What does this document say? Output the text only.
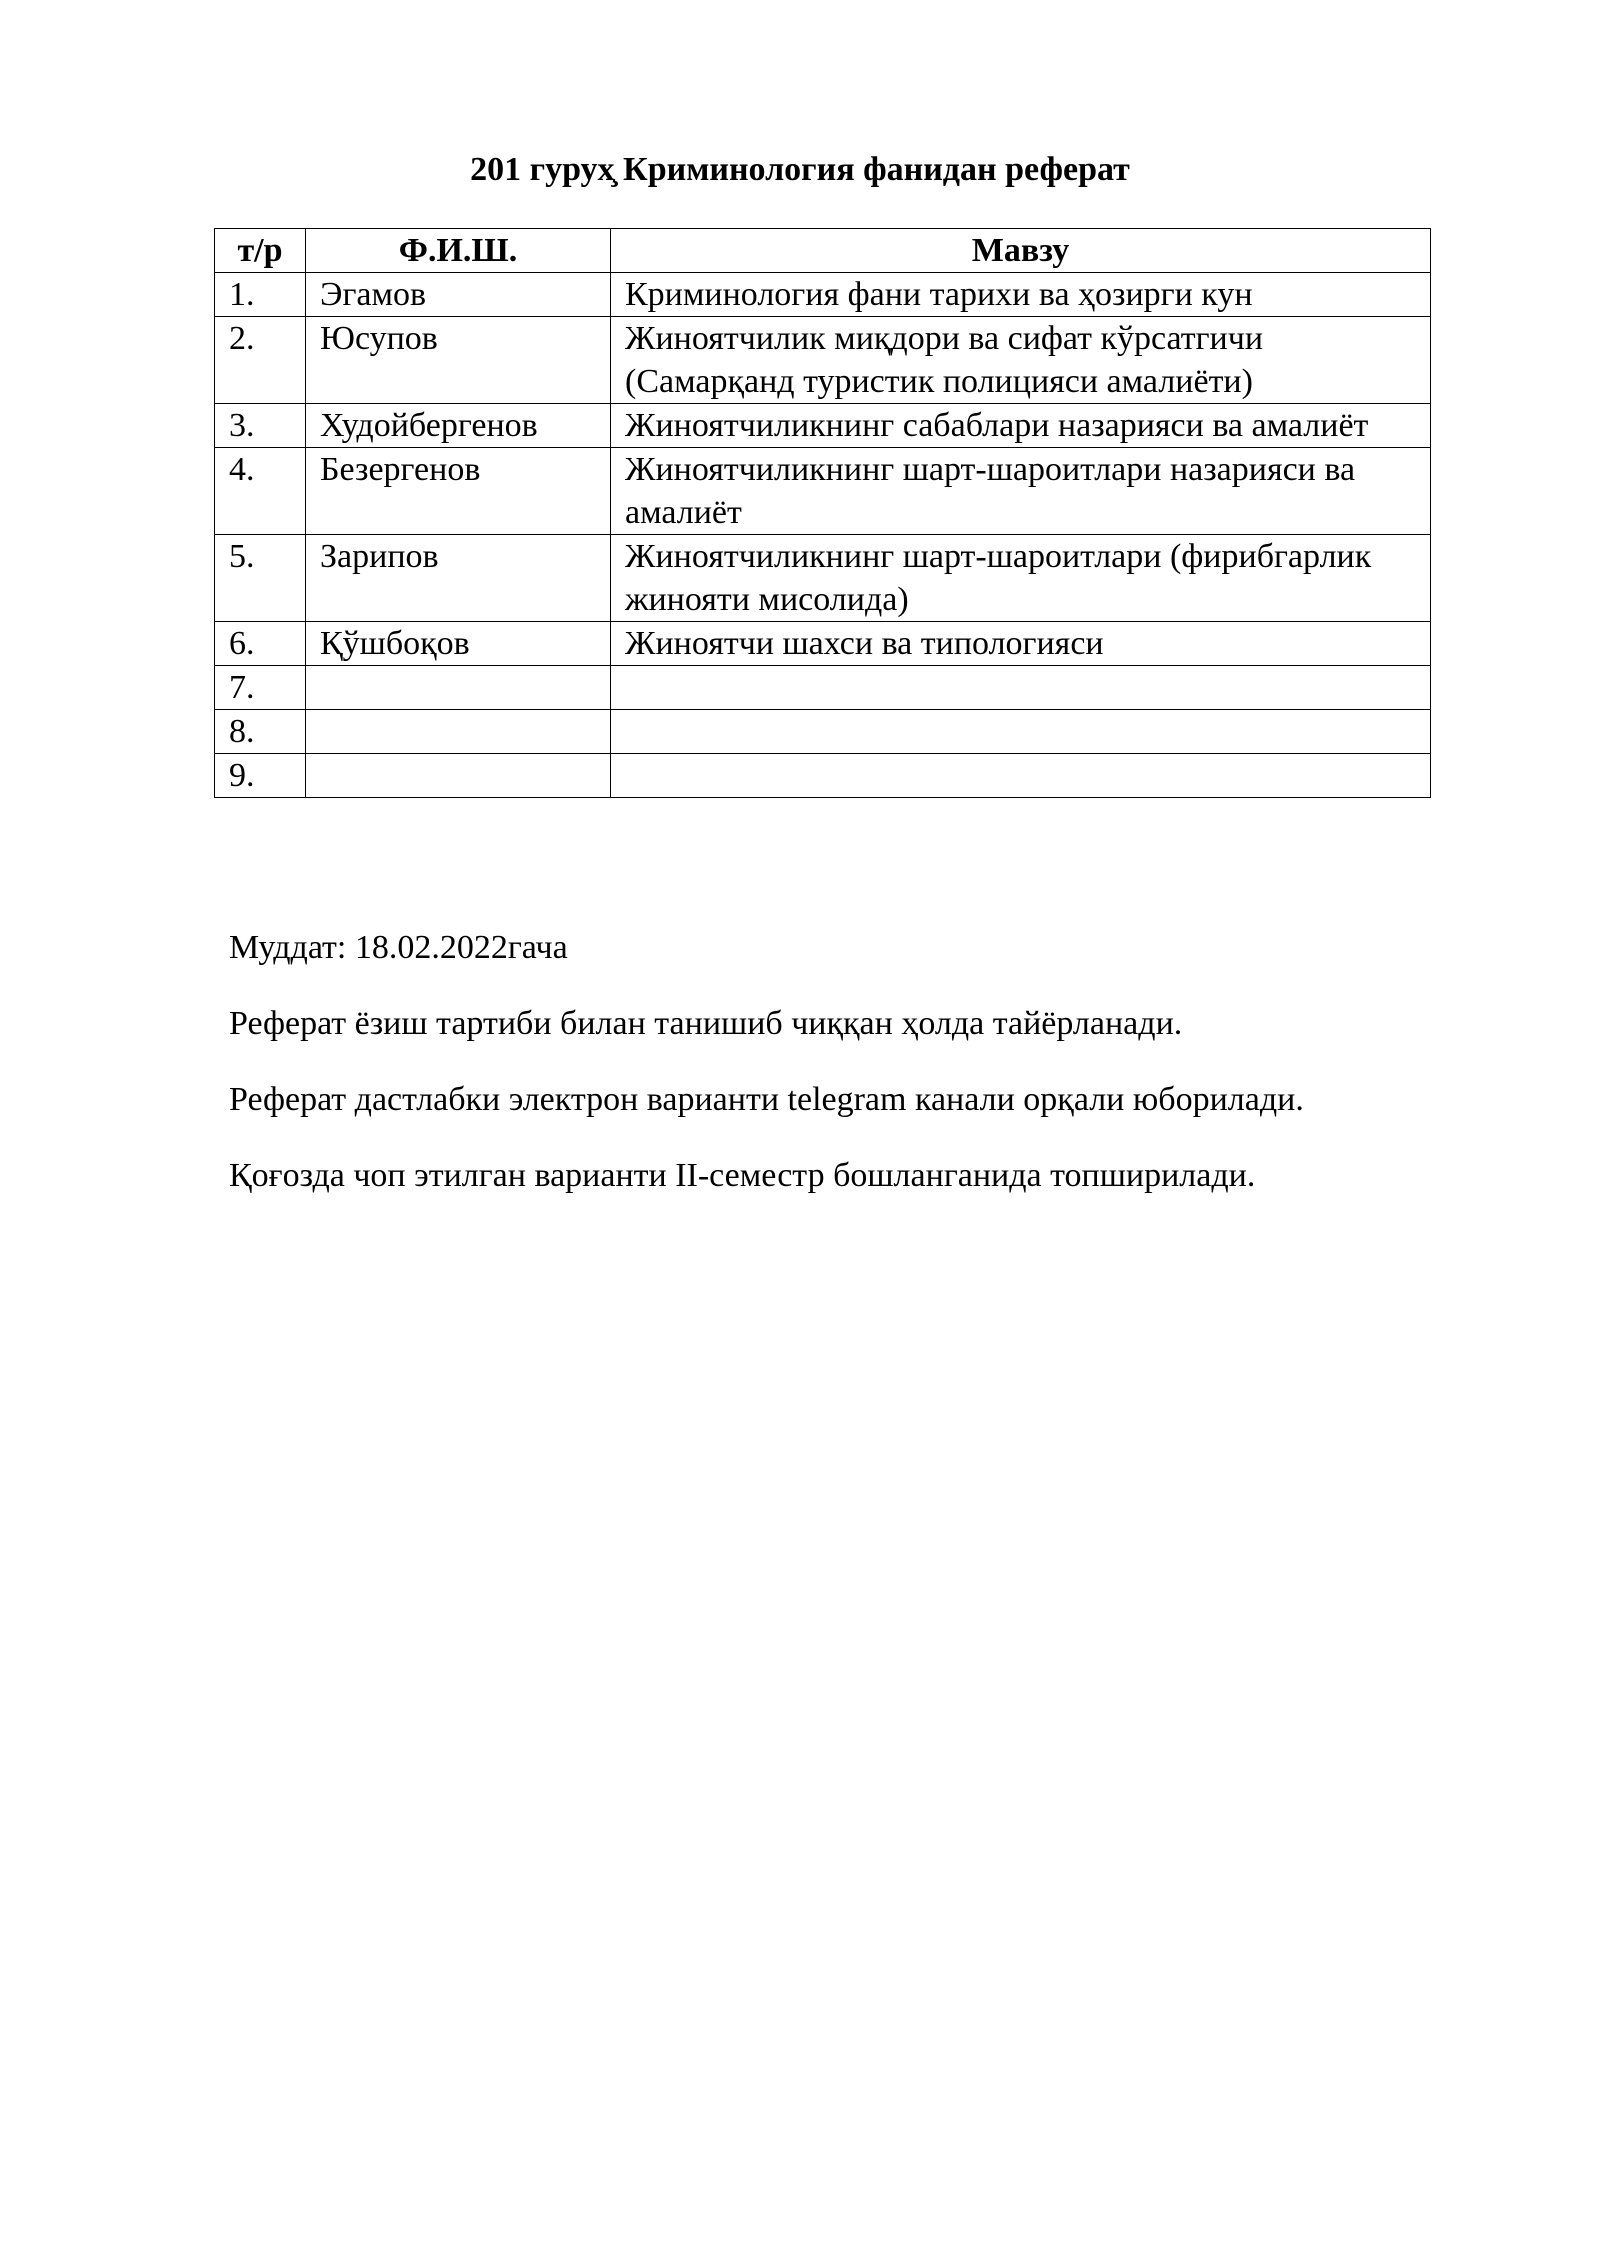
201 гурух̧ Криминология фанидан реферат
т/р	Ф.И.Ш.	Мавзу
1.	Эгамов	Криминология фани тарихи ва ҳозирги кун
2.	Юсупов	Жиноятчилик миқдори ва сифат кўрсатгичи (Самарқанд туристик полицияси амалиёти)
3.	Худойбергенов	Жиноятчиликнинг сабаблари назарияси ва амалиёт
4.	Безергенов	Жиноятчиликнинг шарт-шароитлари назарияси ва амалиёт
5.	Зарипов	Жиноятчиликнинг шарт-шароитлари (фирибгарлик жинояти мисолида)
6.	Қўшбоқов	Жиноятчи шахси ва типологияси
7.		
8.		
9.		

Муддат: 18.02.2022гача

Реферат ёзиш тартиби билан танишиб чиққан ҳолда тайёрланади.

Реферат дастлабки электрон варианти telegram канали орқали юборилади.

Қоғозда чоп этилган варианти II-семестр бошланганида топширилади.
